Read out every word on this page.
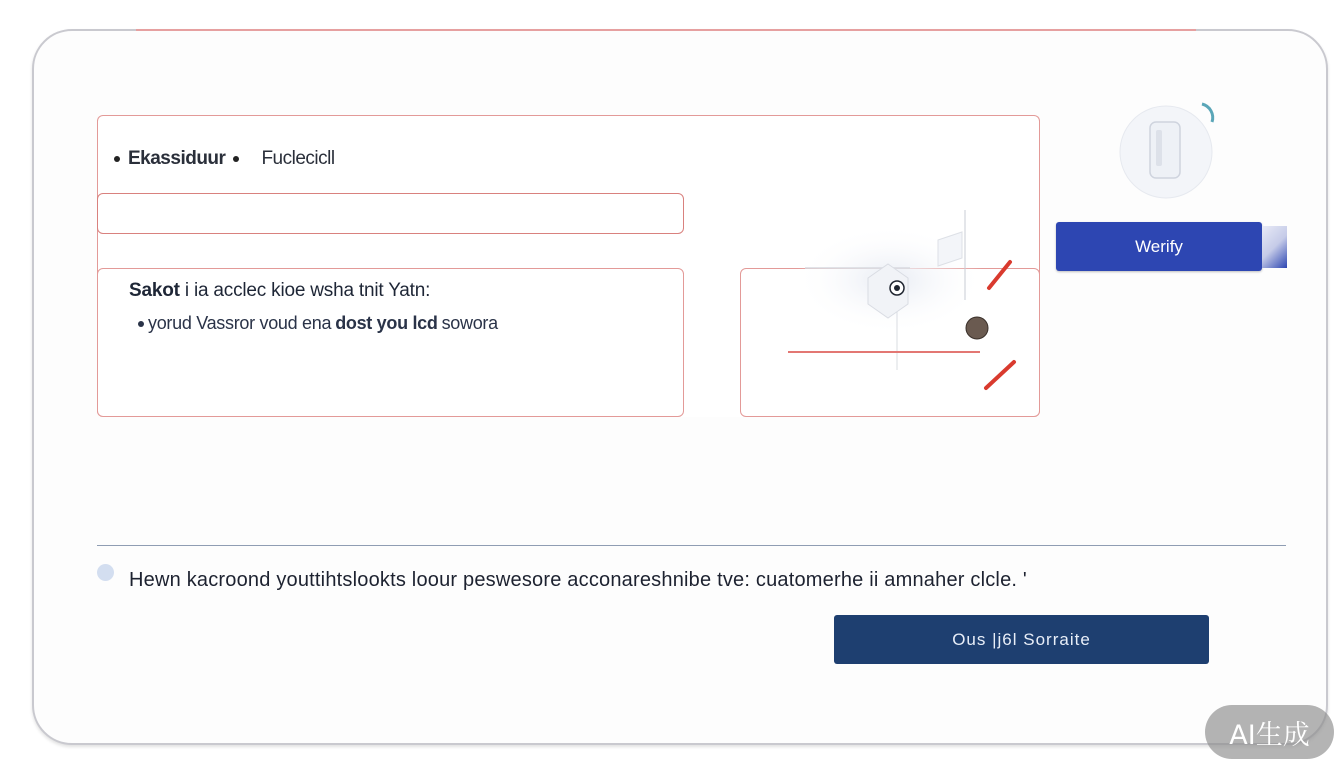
Ekassiduur Fuclecicll
Sakot i ia acclec kioe wsha tnit Yatn:
yorud Vassror voud ena dost you lcd sowora
Werify
Hewn kacroond youttihtslookts loour peswesore acconareshnibe tve: cuatomerhe ii amnaher clcle. '
Ous |j6l Sorraite
AI生成
